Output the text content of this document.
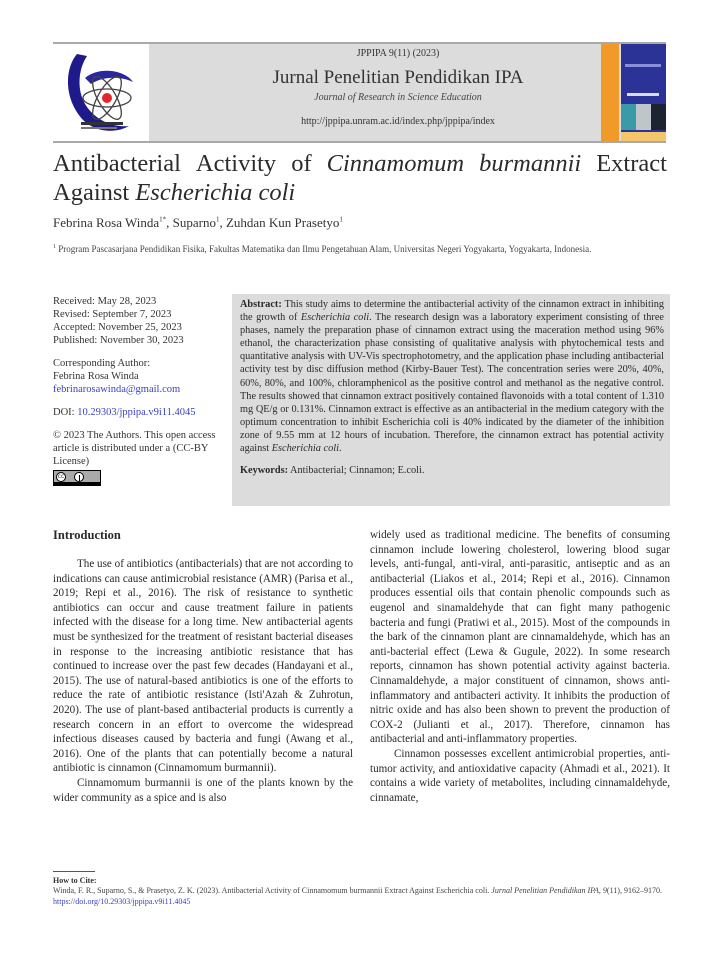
JPPIPA 9(11) (2023)
Jurnal Penelitian Pendidikan IPA
Journal of Research in Science Education
http://jppipa.unram.ac.id/index.php/jppipa/index
Antibacterial Activity of Cinnamomum burmannii Extract
Against Escherichia coli
Febrina Rosa Winda$^{1*}$, Suparno$^1$, Zuhdan Kun Prasetyo$^1$
$^1$ Program Pascasarjana Pendidikan Fisika, Fakultas Matematika dan Ilmu Pengetahuan Alam, Universitas Negeri Yogyakarta, Yogyakarta, Indonesia.

Received: May 28, 2023

Revised: September 7, 2023

Accepted: November 25, 2023

Published: November 30, 2023

Corresponding Author:

Febrina Rosa Winda

febrinarosawinda@gmail.com

DOI: 10.29303/jppipa.v9i11.4045

© 2023 The Authors. This open access article is distributed under a (CC-BY License)

cc

Abstract: This study aims to determine the antibacterial activity of the cinnamon extract in inhibiting the growth of Escherichia coli. The research design was a laboratory experiment consisting of three phases, namely the preparation phase of cinnamon extract using the maceration method using 96% ethanol, the characterization phase consisting of qualitative analysis with phytochemical tests and quantitative analysis with UV-Vis spectrophotometry, and the application phase including antibacterial activity test by disc diffusion method (Kirby-Bauer Test). The concentration series were 20%, 40%, 60%, 80%, and 100%, chloramphenicol as the positive control and methanol as the negative control. The results showed that cinnamon extract positively contained flavonoids with a total content of 1.310 mg QE/g or 0.131%. Cinnamon extract is effective as an antibacterial in the medium category with the optimum concentration to inhibit Escherichia coli is 40% indicated by the diameter of the inhibition zone of 9.55 mm at 12 hours of incubation. Therefore, the cinnamon extract has potential activity against Escherichia coli.

Keywords: Antibacterial; Cinnamon; E.coli.

Introduction

The use of antibiotics (antibacterials) that are not according to indications can cause antimicrobial resistance (AMR) (Parisa et al., 2019; Repi et al., 2016). The risk of resistance to synthetic antibiotics can occur and cause treatment failure in patients infected with the disease for a long time. New antibacterial agents must be synthesized for the treatment of resistant bacterial diseases in response to the increasing antibiotic resistance that has continued to increase over the past few decades (Handayani et al., 2015). The use of natural-based antibiotics is one of the efforts to reduce the rate of antibiotic resistance (Isti'Azah & Zuhrotun, 2020). The use of plant-based antibacterial products is currently a research concern in an effort to overcome the widespread infectious diseases caused by bacteria and fungi (Awang et al., 2016). One of the plants that can potentially become a natural antibiotic is cinnamon (Cinnamomum burmannii).

Cinnamomum burmannii is one of the plants known by the wider community as a spice and is also

widely used as traditional medicine. The benefits of consuming cinnamon include lowering cholesterol, lowering blood sugar levels, anti-fungal, anti-viral, anti-parasitic, antiseptic and as an antibacterial (Liakos et al., 2014; Repi et al., 2016). Cinnamon produces essential oils that contain phenolic compounds such as eugenol and sinamaldehyde that can fight many pathogenic bacteria and fungi (Pratiwi et al., 2015). Most of the compounds in the bark of the cinnamon plant are cinnamaldehyde, which has an anti-bacterial effect (Lewa & Gugule, 2022). In some research reports, cinnamon has shown potential activity against bacteria. Cinnamaldehyde, a major constituent of cinnamon, shows anti-inflammatory and antibacteri activity. It inhibits the production of nitric oxide and has also been shown to prevent the production of COX-2 (Julianti et al., 2017). Therefore, cinnamon has antibacterial and anti-inflammatory properties.

Cinnamon possesses excellent antimicrobial properties, anti-tumor activity, and antioxidative capacity (Ahmadi et al., 2021). It contains a wide variety of metabolites, including cinnamaldehyde, cinnamate,

How to Cite:
Winda, F. R., Suparno, S., & Prasetyo, Z. K. (2023). Antibacterial Activity of Cinnamomum burmannii Extract Against Escherichia coli. Jurnal Penelitian Pendidikan IPA, 9(11), 9162–9170. https://doi.org/10.29303/jppipa.v9i11.4045
